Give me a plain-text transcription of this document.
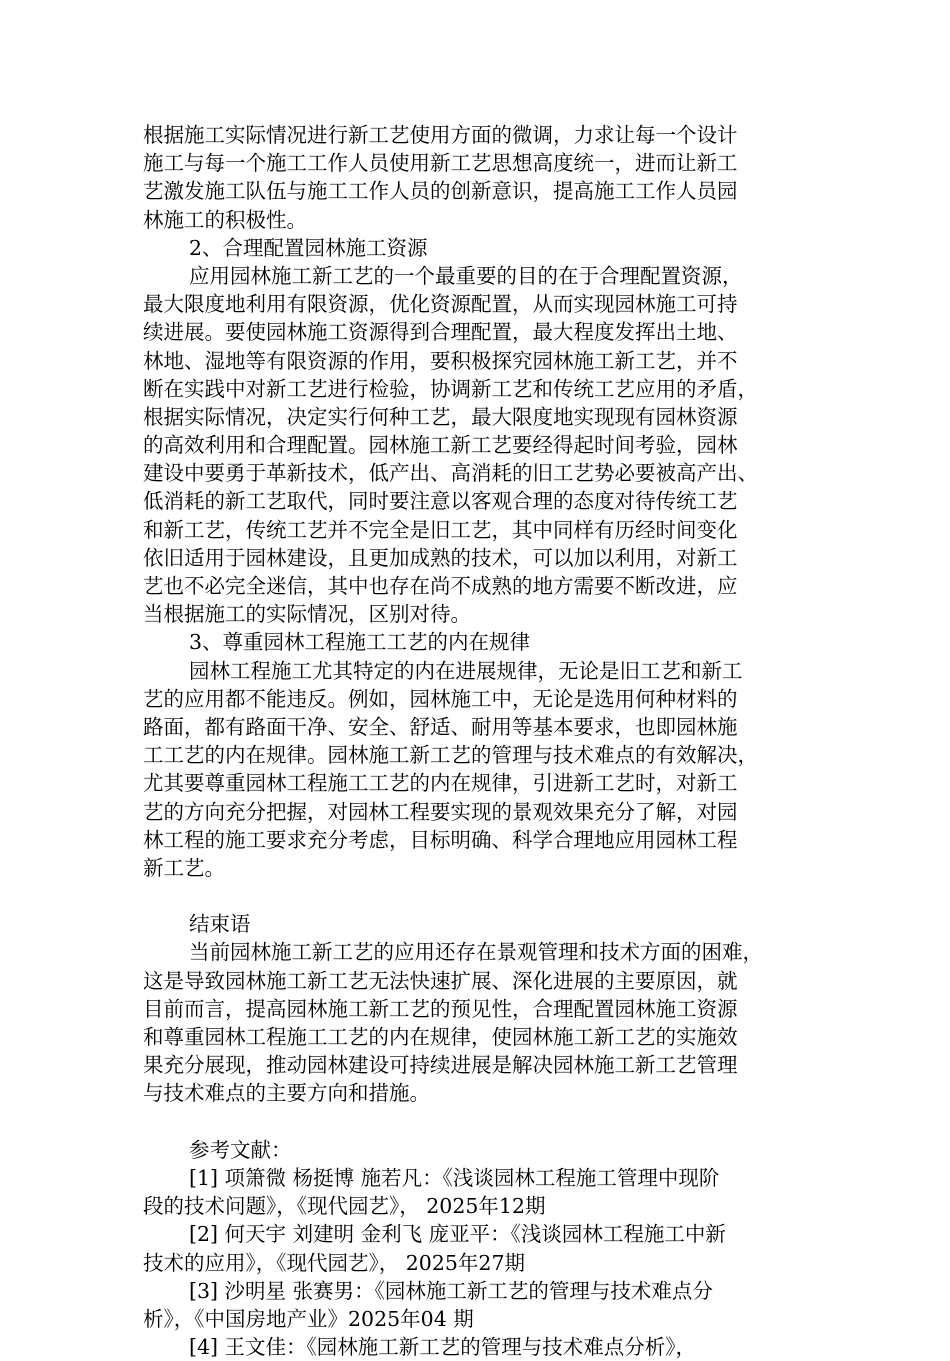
根据施工实际情况进行新工艺使用方面的微调，力求让每一个设计
施工与每一个施工工作人员使用新工艺思想高度统一，进而让新工
艺激发施工队伍与施工工作人员的创新意识，提高施工工作人员园
林施工的积极性。
2、合理配置园林施工资源
应用园林施工新工艺的一个最重要的目的在于合理配置资源，
最大限度地利用有限资源，优化资源配置，从而实现园林施工可持
续进展。要使园林施工资源得到合理配置，最大程度发挥出土地、
林地、湿地等有限资源的作用，要积极探究园林施工新工艺，并不
断在实践中对新工艺进行检验，协调新工艺和传统工艺应用的矛盾，
根据实际情况，决定实行何种工艺，最大限度地实现现有园林资源
的高效利用和合理配置。园林施工新工艺要经得起时间考验，园林
建设中要勇于革新技术，低产出、高消耗的旧工艺势必要被高产出、
低消耗的新工艺取代，同时要注意以客观合理的态度对待传统工艺
和新工艺，传统工艺并不完全是旧工艺，其中同样有历经时间变化
依旧适用于园林建设，且更加成熟的技术，可以加以利用，对新工
艺也不必完全迷信，其中也存在尚不成熟的地方需要不断改进，应
当根据施工的实际情况，区别对待。
3、尊重园林工程施工工艺的内在规律
园林工程施工尤其特定的内在进展规律，无论是旧工艺和新工
艺的应用都不能违反。例如，园林施工中，无论是选用何种材料的
路面，都有路面干净、安全、舒适、耐用等基本要求，也即园林施
工工艺的内在规律。园林施工新工艺的管理与技术难点的有效解决，
尤其要尊重园林工程施工工艺的内在规律，引进新工艺时，对新工
艺的方向充分把握，对园林工程要实现的景观效果充分了解，对园
林工程的施工要求充分考虑，目标明确、科学合理地应用园林工程
新工艺。
结束语
当前园林施工新工艺的应用还存在景观管理和技术方面的困难，
这是导致园林施工新工艺无法快速扩展、深化进展的主要原因，就
目前而言，提高园林施工新工艺的预见性，合理配置园林施工资源
和尊重园林工程施工工艺的内在规律，使园林施工新工艺的实施效
果充分展现，推动园林建设可持续进展是解决园林施工新工艺管理
与技术难点的主要方向和措施。
参考文献：
[1] 项箫微 杨挺博 施若凡：《浅谈园林工程施工管理中现阶
段的技术问题》，《现代园艺》， 2025年12期
[2] 何天宇 刘建明 金利飞 庞亚平：《浅谈园林工程施工中新
技术的应用》，《现代园艺》， 2025年27期
[3] 沙明星 张赛男：《园林施工新工艺的管理与技术难点分
析》，《中国房地产业》2025年04 期
[4] 王文佳：《园林施工新工艺的管理与技术难点分析》，
